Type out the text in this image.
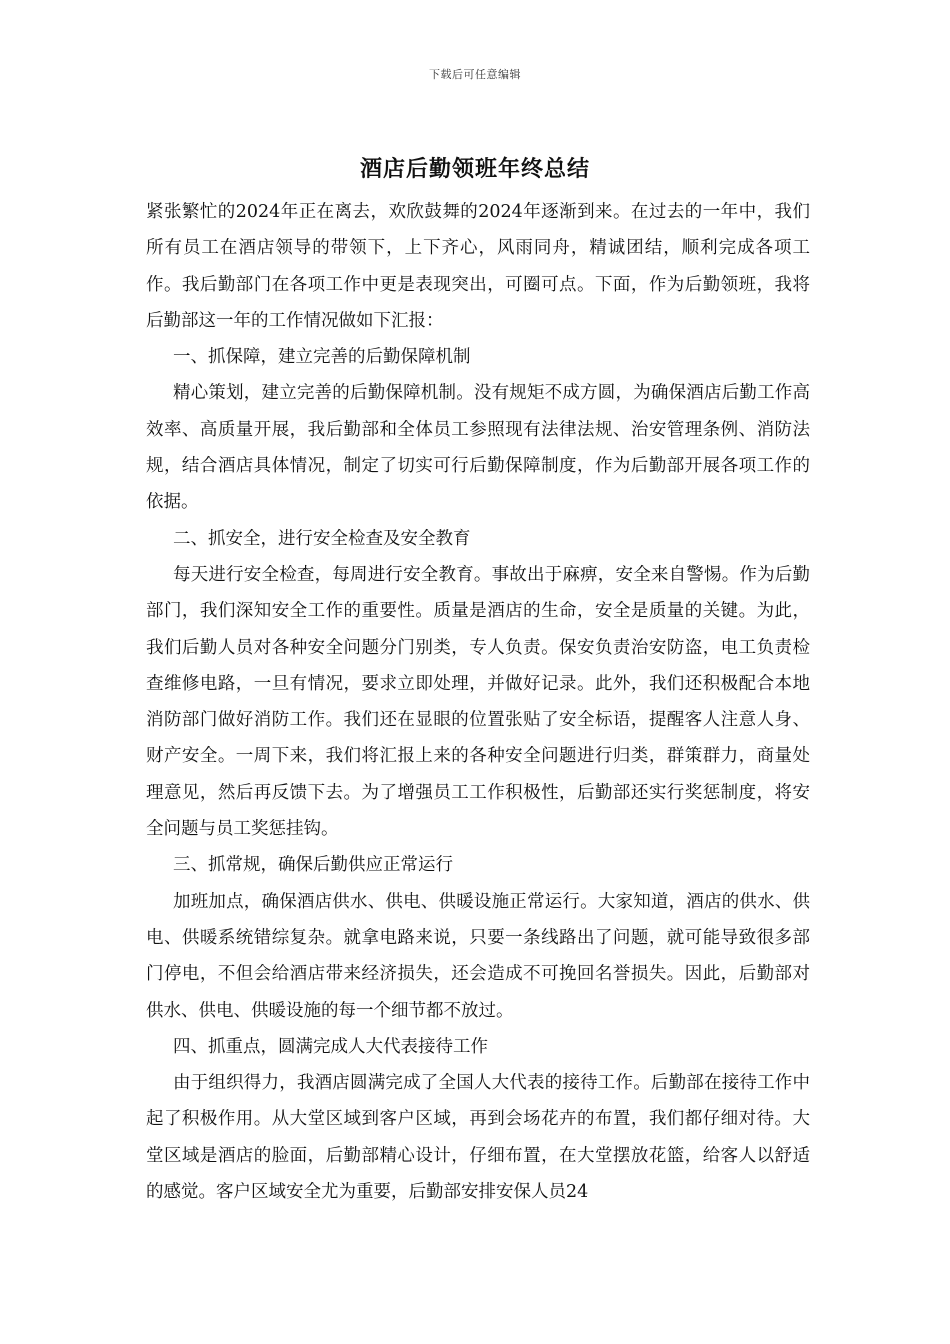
下载后可任意编辑
酒店后勤领班年终总结

紧张繁忙的2024年正在离去，欢欣鼓舞的2024年逐渐到来。在过去的一年中，我们所有员工在酒店领导的带领下，上下齐心，风雨同舟，精诚团结，顺利完成各项工作。我后勤部门在各项工作中更是表现突出，可圈可点。下面，作为后勤领班，我将后勤部这一年的工作情况做如下汇报：

一、抓保障，建立完善的后勤保障机制

精心策划，建立完善的后勤保障机制。没有规矩不成方圆，为确保酒店后勤工作高效率、高质量开展，我后勤部和全体员工参照现有法律法规、治安管理条例、消防法规，结合酒店具体情况，制定了切实可行后勤保障制度，作为后勤部开展各项工作的依据。

二、抓安全，进行安全检查及安全教育

每天进行安全检查，每周进行安全教育。事故出于麻痹，安全来自警惕。作为后勤部门，我们深知安全工作的重要性。质量是酒店的生命，安全是质量的关键。为此，我们后勤人员对各种安全问题分门别类，专人负责。保安负责治安防盗，电工负责检查维修电路，一旦有情况，要求立即处理，并做好记录。此外，我们还积极配合本地消防部门做好消防工作。我们还在显眼的位置张贴了安全标语，提醒客人注意人身、财产安全。一周下来，我们将汇报上来的各种安全问题进行归类，群策群力，商量处理意见，然后再反馈下去。为了增强员工工作积极性，后勤部还实行奖惩制度，将安全问题与员工奖惩挂钩。

三、抓常规，确保后勤供应正常运行

加班加点，确保酒店供水、供电、供暖设施正常运行。大家知道，酒店的供水、供电、供暖系统错综复杂。就拿电路来说，只要一条线路出了问题，就可能导致很多部门停电，不但会给酒店带来经济损失，还会造成不可挽回名誉损失。因此，后勤部对供水、供电、供暖设施的每一个细节都不放过。

四、抓重点，圆满完成人大代表接待工作

由于组织得力，我酒店圆满完成了全国人大代表的接待工作。后勤部在接待工作中起了积极作用。从大堂区域到客户区域，再到会场花卉的布置，我们都仔细对待。大堂区域是酒店的脸面，后勤部精心设计，仔细布置，在大堂摆放花篮，给客人以舒适的感觉。客户区域安全尤为重要，后勤部安排安保人员24
